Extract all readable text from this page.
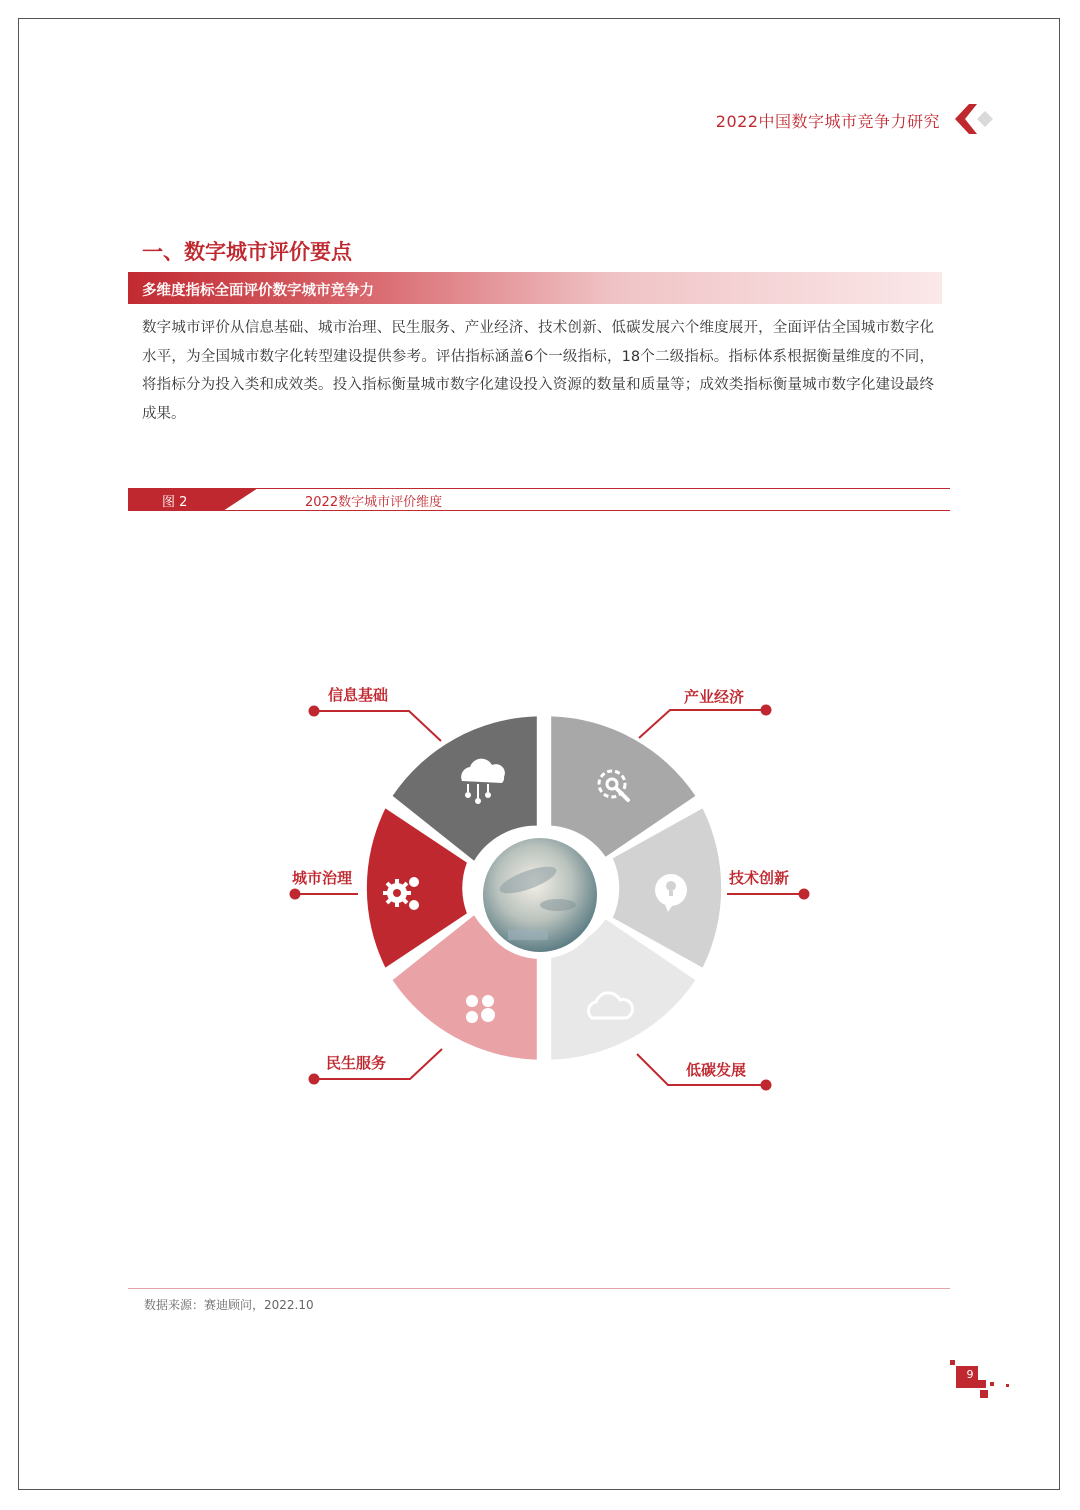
2022中国数字城市竞争力研究
一、数字城市评价要点
多维度指标全面评价数字城市竞争力
数字城市评价从信息基础、城市治理、民生服务、产业经济、技术创新、低碳发展六个维度展开，全面评估全国城市数字化水平，为全国城市数字化转型建设提供参考。评估指标涵盖6个一级指标，18个二级指标。指标体系根据衡量维度的不同，将指标分为投入类和成效类。投入指标衡量城市数字化建设投入资源的数量和质量等；成效类指标衡量城市数字化建设最终成果。
图 2	2022数字城市评价维度
信息基础	产业经济
技术创新
低碳发展
民生服务
城市治理
数据来源：赛迪顾问，2022.10
9
